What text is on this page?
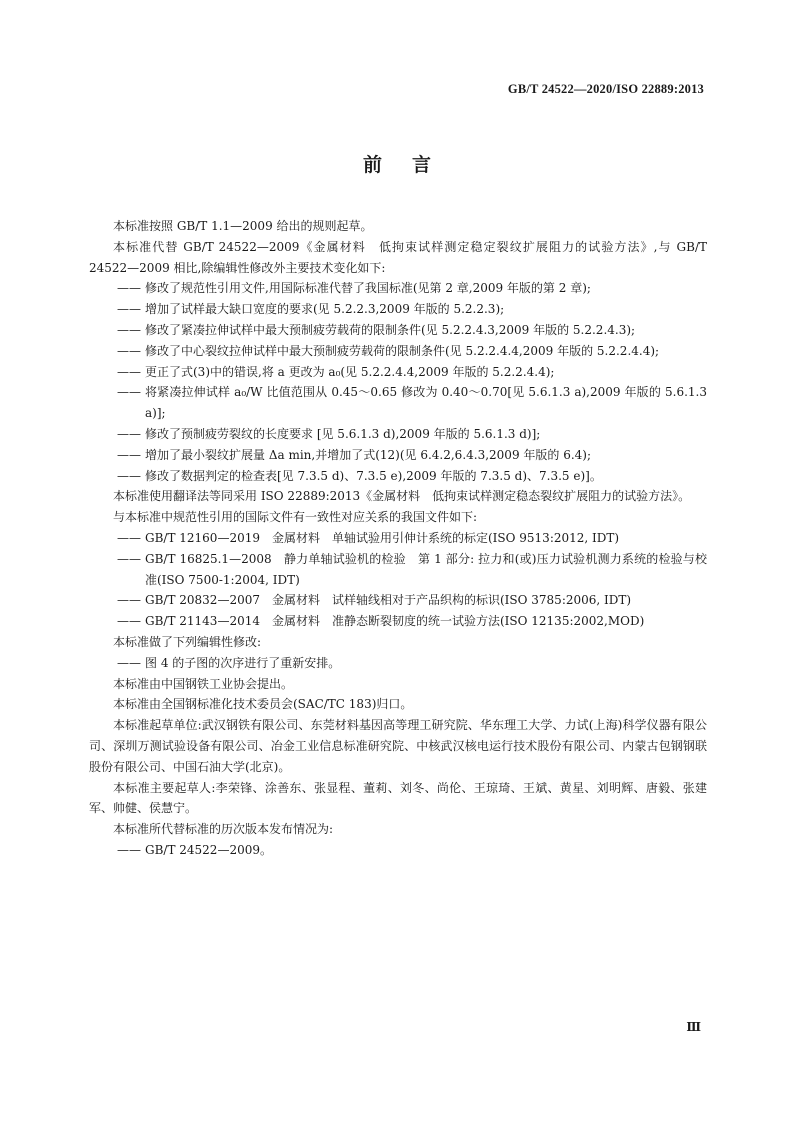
GB/T 24522—2020/ISO 22889:2013
前言

本标准按照 GB/T 1.1—2009 给出的规则起草。

本标准代替 GB/T 24522—2009《金属材料　低拘束试样测定稳定裂纹扩展阻力的试验方法》,与 GB/T 24522—2009 相比,除编辑性修改外主要技术变化如下:

—— 修改了规范性引用文件,用国际标准代替了我国标准(见第 2 章,2009 年版的第 2 章);

—— 增加了试样最大缺口宽度的要求(见 5.2.2.3,2009 年版的 5.2.2.3);

—— 修改了紧凑拉伸试样中最大预制疲劳载荷的限制条件(见 5.2.2.4.3,2009 年版的 5.2.2.4.3);

—— 修改了中心裂纹拉伸试样中最大预制疲劳载荷的限制条件(见 5.2.2.4.4,2009 年版的 5.2.2.4.4);

—— 更正了式(3)中的错误,将 a 更改为 a₀(见 5.2.2.4.4,2009 年版的 5.2.2.4.4);

—— 将紧凑拉伸试样 a₀/W 比值范围从 0.45～0.65 修改为 0.40～0.70[见 5.6.1.3 a),2009 年版的 5.6.1.3 a)];

—— 修改了预制疲劳裂纹的长度要求 [见 5.6.1.3 d),2009 年版的 5.6.1.3 d)];

—— 增加了最小裂纹扩展量 Δa min,并增加了式(12)(见 6.4.2,6.4.3,2009 年版的 6.4);

—— 修改了数据判定的检查表[见 7.3.5 d)、7.3.5 e),2009 年版的 7.3.5 d)、7.3.5 e)]。

本标准使用翻译法等同采用 ISO 22889:2013《金属材料　低拘束试样测定稳态裂纹扩展阻力的试验方法》。

与本标准中规范性引用的国际文件有一致性对应关系的我国文件如下:

—— GB/T 12160—2019　金属材料　单轴试验用引伸计系统的标定(ISO 9513:2012, IDT)

—— GB/T 16825.1—2008　静力单轴试验机的检验　第 1 部分: 拉力和(或)压力试验机测力系统的检验与校准(ISO 7500-1:2004, IDT)

—— GB/T 20832—2007　金属材料　试样轴线相对于产品织构的标识(ISO 3785:2006, IDT)

—— GB/T 21143—2014　金属材料　准静态断裂韧度的统一试验方法(ISO 12135:2002,MOD)

本标准做了下列编辑性修改:

—— 图 4 的子图的次序进行了重新安排。

本标准由中国钢铁工业协会提出。

本标准由全国钢标准化技术委员会(SAC/TC 183)归口。

本标准起草单位:武汉钢铁有限公司、东莞材料基因高等理工研究院、华东理工大学、力试(上海)科学仪器有限公司、深圳万测试验设备有限公司、冶金工业信息标准研究院、中核武汉核电运行技术股份有限公司、内蒙古包钢钢联股份有限公司、中国石油大学(北京)。

本标准主要起草人:李荣锋、涂善东、张显程、董莉、刘冬、尚伦、王琼琦、王斌、黄星、刘明辉、唐毅、张建军、帅健、侯慧宁。

本标准所代替标准的历次版本发布情况为:

—— GB/T 24522—2009。

Ⅲ
